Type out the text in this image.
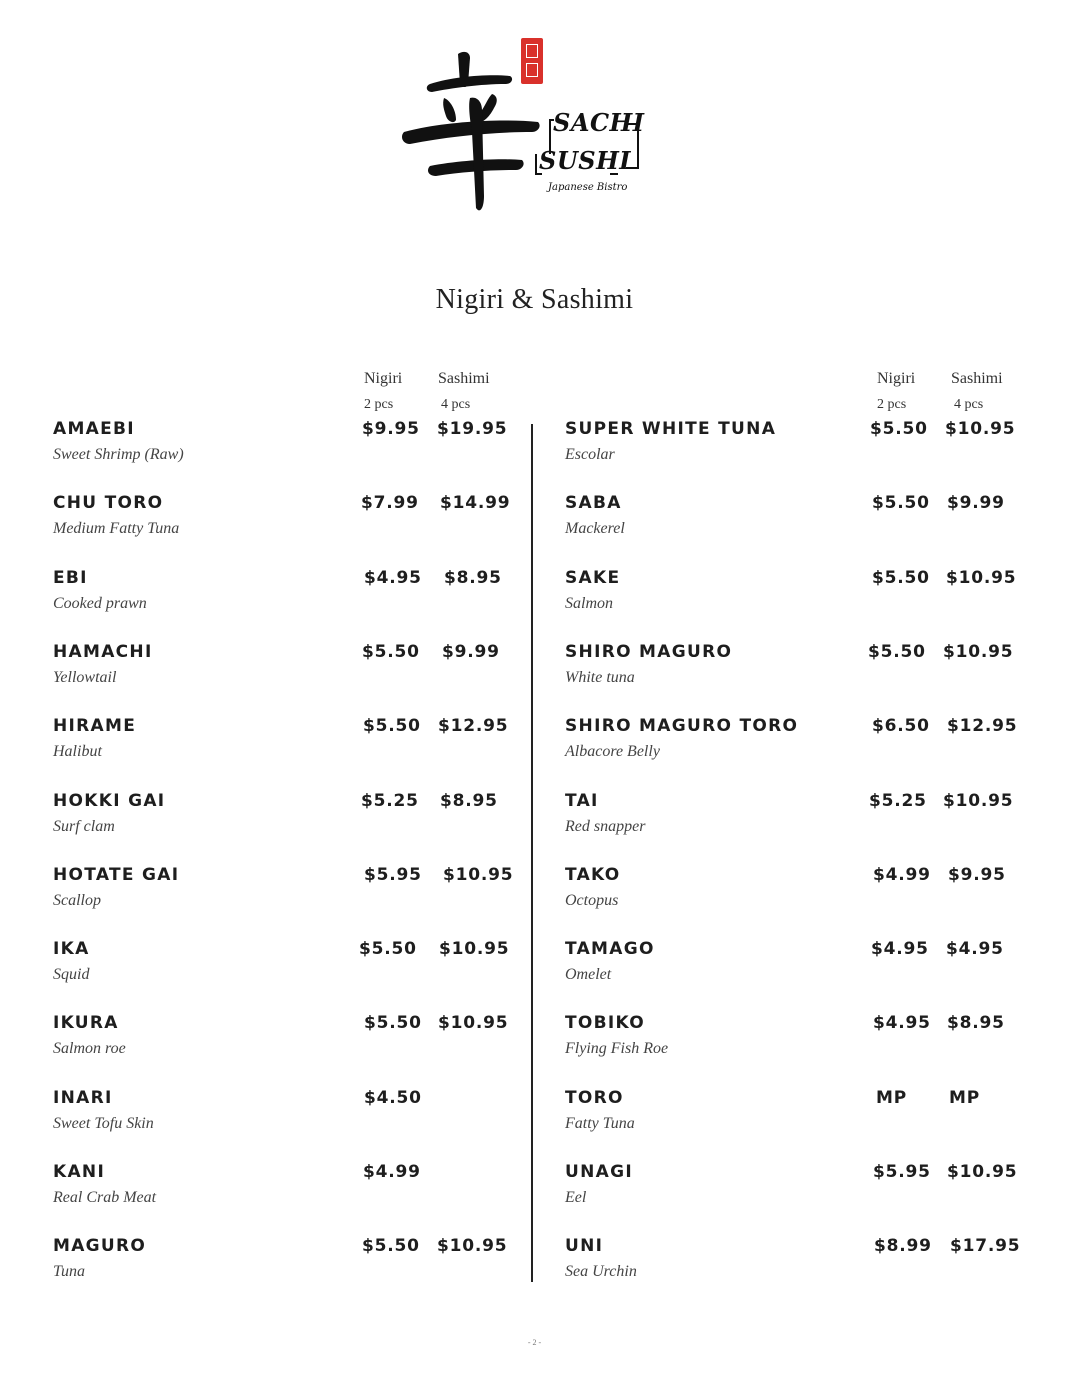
SACHI
SUSHI
Japanese Bistro
Nigiri & Sashimi
Nigiri
2 pcs
Sashimi
4 pcs
AMAEBI
Sweet Shrimp (Raw)
$9.95 $19.95
CHU TORO
Medium Fatty Tuna
$7.99 $14.99
EBI
Cooked prawn
$4.95 $8.95
HAMACHI
Yellowtail
$5.50 $9.99
HIRAME
Halibut
$5.50 $12.95
HOKKI GAI
Surf clam
$5.25 $8.95
HOTATE GAI
Scallop
$5.95 $10.95
IKA
Squid
$5.50 $10.95
IKURA
Salmon roe
$5.50 $10.95
INARI
Sweet Tofu Skin
$4.50
KANI
Real Crab Meat
$4.99
MAGURO
Tuna
$5.50 $10.95
Nigiri
2 pcs
Sashimi
4 pcs
SUPER WHITE TUNA
Escolar
$5.50 $10.95
SABA
Mackerel
$5.50 $9.99
SAKE
Salmon
$5.50 $10.95
SHIRO MAGURO
White tuna
$5.50 $10.95
SHIRO MAGURO TORO
Albacore Belly
$6.50 $12.95
TAI
Red snapper
$5.25 $10.95
TAKO
Octopus
$4.99 $9.95
TAMAGO
Omelet
$4.95 $4.95
TOBIKO
Flying Fish Roe
$4.95 $8.95
TORO
Fatty Tuna
MP MP
UNAGI
Eel
$5.95 $10.95
UNI
Sea Urchin
$8.99 $17.95
- 2 -
